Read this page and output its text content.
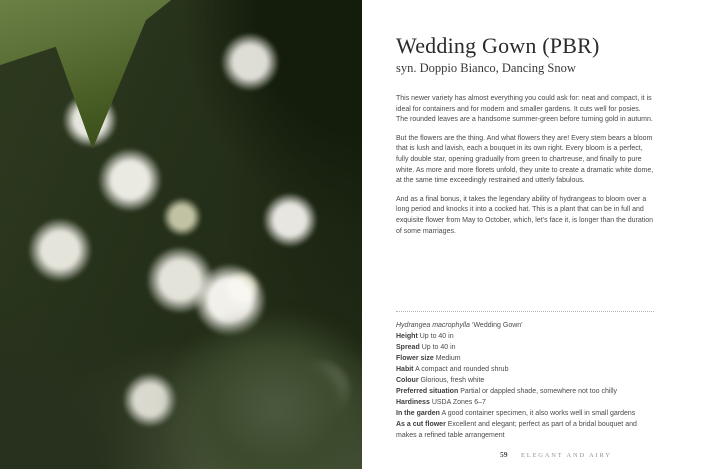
Wedding Gown (PBR)
syn. Doppio Bianco, Dancing Snow

This newer variety has almost everything you could ask for: neat and compact, it is ideal for containers and for modern and smaller gardens. It cuts well for posies. The rounded leaves are a handsome summer-green before turning gold in autumn.

But the flowers are the thing. And what flowers they are! Every stem bears a bloom that is lush and lavish, each a bouquet in its own right. Every bloom is a perfect, fully double star, opening gradually from green to chartreuse, and finally to pure white. As more and more florets unfold, they unite to create a dramatic white dome, at the same time exceedingly restrained and utterly fabulous.

And as a final bonus, it takes the legendary ability of hydrangeas to bloom over a long period and knocks it into a cocked hat. This is a plant that can be in full and exquisite flower from May to October, which, let’s face it, is longer than the duration of some marriages.

Hydrangea macrophylla ‘Wedding Gown’
Height Up to 40 in
Spread Up to 40 in
Flower size Medium
Habit A compact and rounded shrub
Colour Glorious, fresh white
Preferred situation Partial or dappled shade, somewhere not too chilly
Hardiness USDA Zones 6–7
In the garden A good container specimen, it also works well in small gardens
As a cut flower Excellent and elegant; perfect as part of a bridal bouquet and makes a refined table arrangement
59 ELEGANT AND AIRY
